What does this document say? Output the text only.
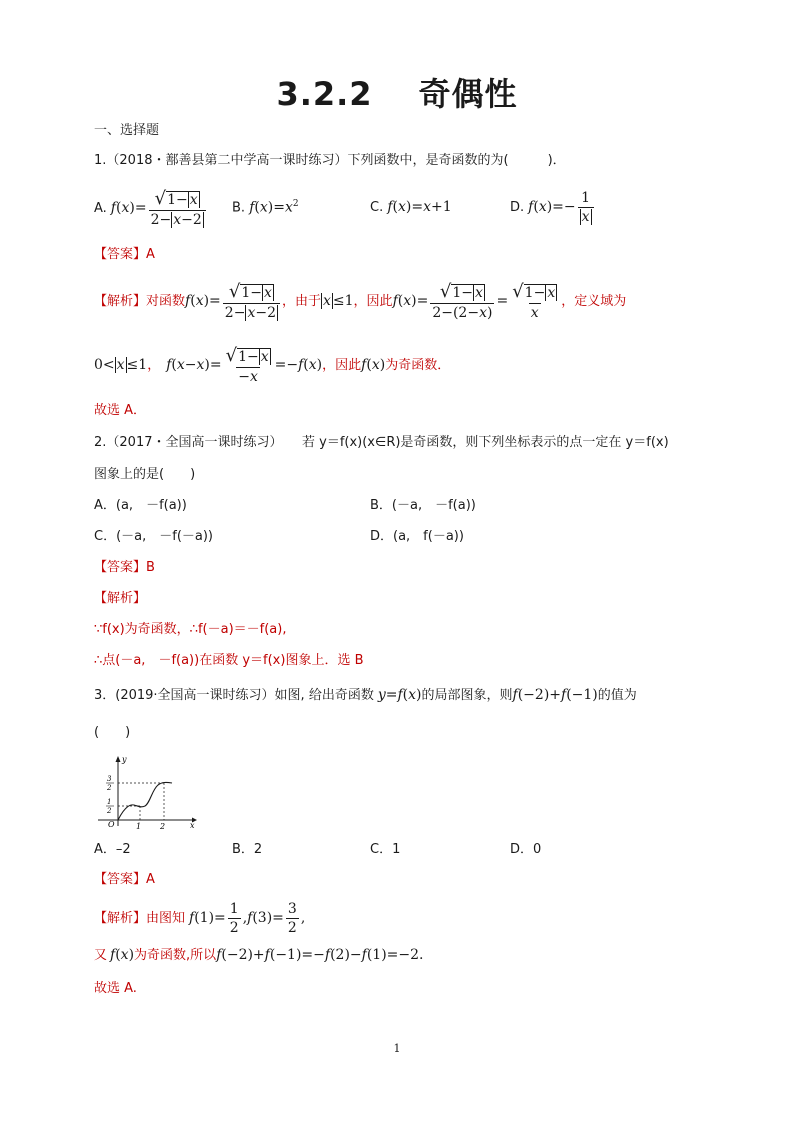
3.2.2 奇偶性
一、选择题
1.（2018・鄯善县第二中学高一课时练习）下列函数中，是奇函数的为(　　　)．
A. f ( x )= $\frac{√1- x}{2- x-2} B$. $f(x)=x^2$	C. f(x)=x+1	D. f ( x )=− $\frac{1}{x}$
【答案】A
【解析】 对函数 f ( x )= $\frac{√1- x}{2- x-2}$ ，由于 x ≤1 ，因此 f ( x )= $\frac{√1- x}{2-(2-x)} = \frac{√1- x}{x}$ ，定义域为
0< x ≤1 ， f ( x − x )= $\frac{√1- x}{-x} =- f$ ( x ) ，因此 f ( x ) 为奇函数．
故选 A．
2.（2017・全国高一课时练习）　　若 y＝f(x)(x∈R)是奇函数，则下列坐标表示的点一定在 y＝f(x)
图象上的是(　　)
A．(a,　－f(a))	B．(－a,　－f(a))
C．(－a,　－f(－a))	D．(a,　f(－a))
【答案】B
【解析】
∵f(x)为奇函数，∴f(－a)＝－f(a),
∴点(－a,　－f(a))在函数 y＝f(x)图象上．选 B
3．(2019·全国高一课时练习）如图, 给出奇函数 y = f ( x ) 的局部图象，则 f (−2)+ f (−1) 的值为
(　　)
y
x
O	1 2
3
2
1
2
A．–2	B．2	C．1	D．0
【答案】A
【解析】 由图知 f $(1)= \frac{1}{2}$ , f $(3)= \frac{3}{2}$ ,
又 f ( x ) 为奇函数,所以 f (−2)+ f (−1)=− f (2)− f (1)=−2.
故选 A.
1
